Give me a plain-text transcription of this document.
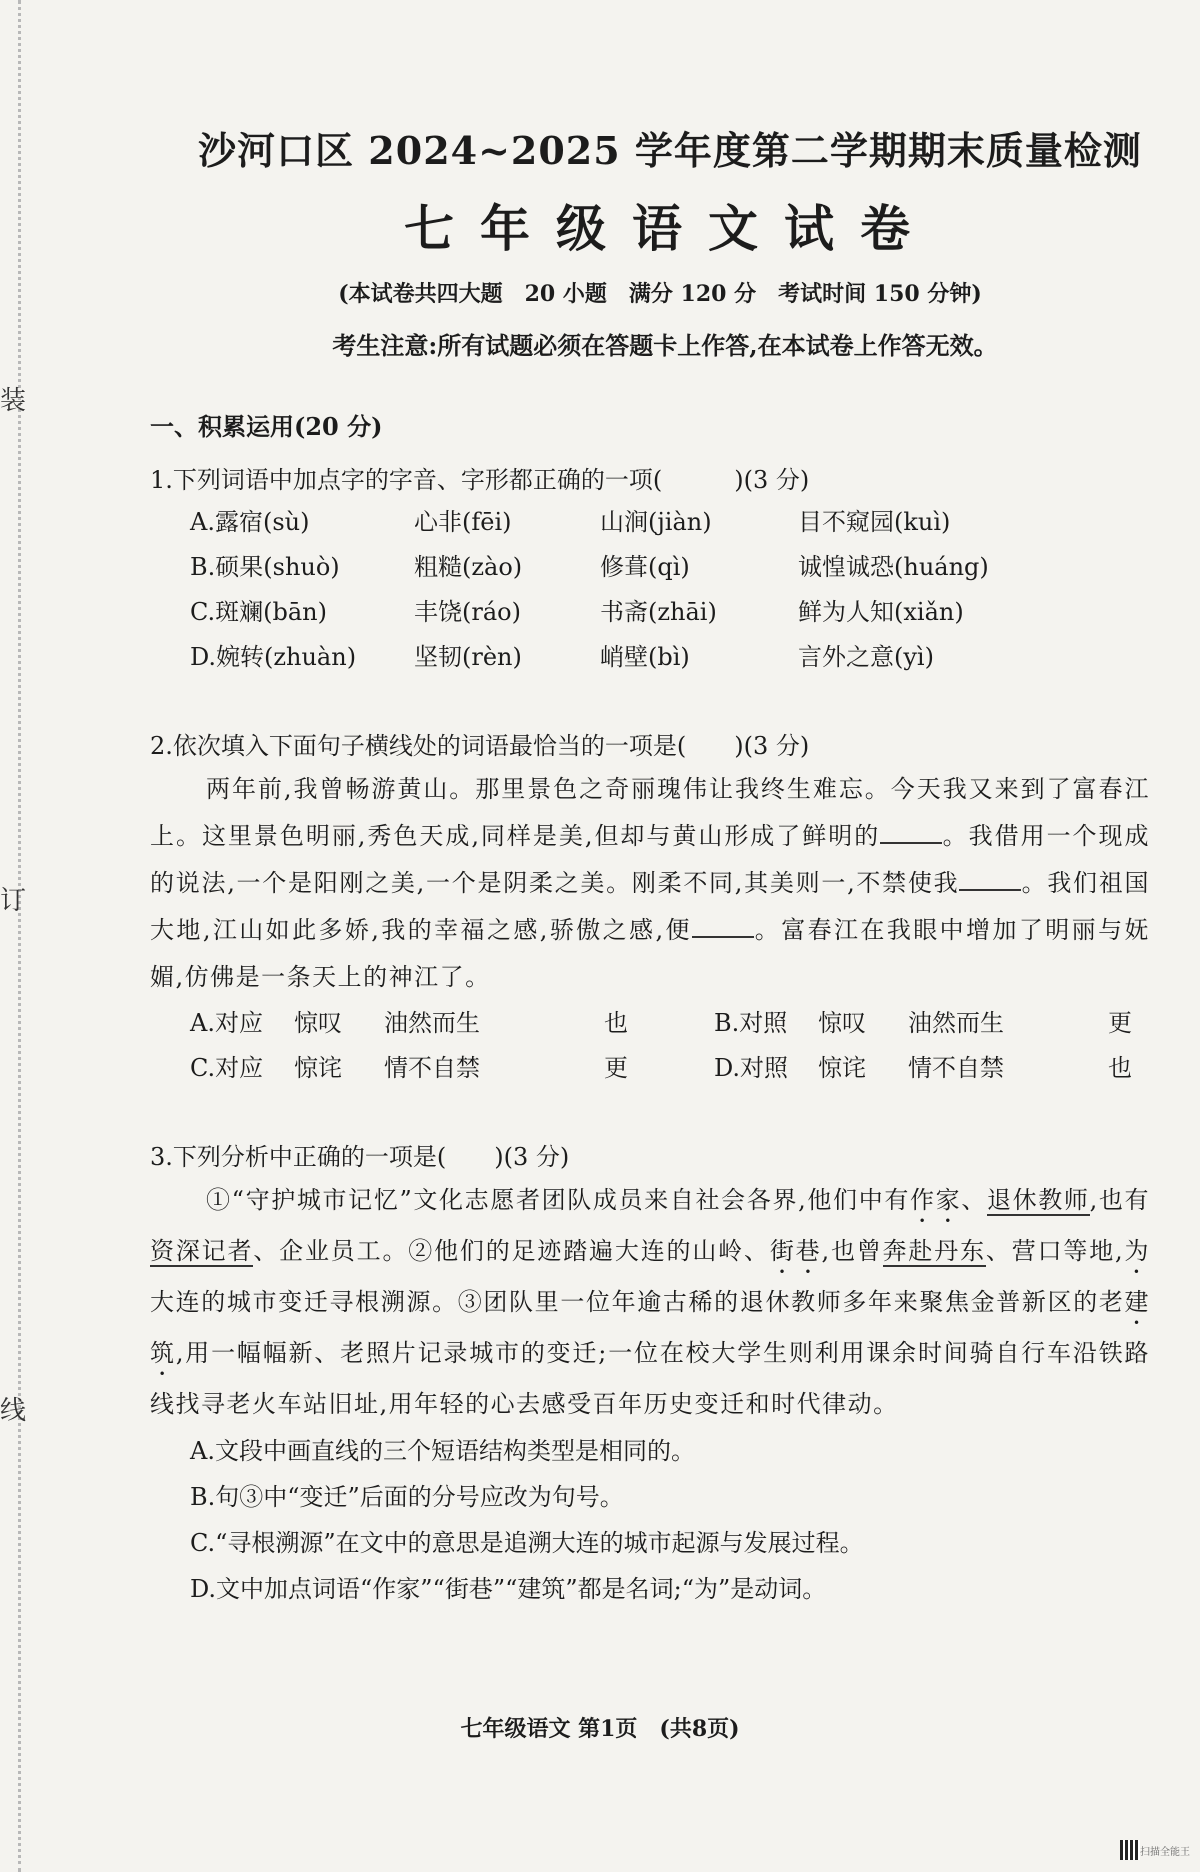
装
订
线
沙河口区 2024~2025 学年度第二学期期末质量检测
七年级语文试卷
(本试卷共四大题　20 小题　满分 120 分　考试时间 150 分钟)
考生注意:所有试题必须在答题卡上作答,在本试卷上作答无效。
一、积累运用(20 分)
1.下列词语中加点字的字音、字形都正确的一项(　　　)(3 分)
A.露宿(sù)	心非(fēi)	山涧(jiàn)	目不窥园(kuì)
B.硕果(shuò)	粗糙(zào)	修葺(qì)	诚惶诚恐(huáng)
C.斑斓(bān)	丰饶(ráo)	书斋(zhāi)	鲜为人知(xiǎn)
D.婉转(zhuàn)	坚韧(rèn)	峭壁(bì)	言外之意(yì)
2.依次填入下面句子横线处的词语最恰当的一项是(　　)(3 分)
两年前,我曾畅游黄山。那里景色之奇丽瑰伟让我终生难忘。今天我又来到了富春江上。这里景色明丽,秀色天成,同样是美,但却与黄山形成了鲜明的	。我借用一个现成的说法,一个是阳刚之美,一个是阴柔之美。刚柔不同,其美则一,不禁使我	。我们祖国大地,江山如此多娇,我的幸福之感,骄傲之感,便	。富春江在我眼中增加了明丽与妩媚,仿佛是一条天上的神江了。
A.对应	惊叹	油然而生	也	B.对照	惊叹	油然而生	更
C.对应	惊诧	情不自禁	更	D.对照	惊诧	情不自禁	也
3.下列分析中正确的一项是(　　)(3 分)
①“守护城市记忆”文化志愿者团队成员来自社会各界,他们中有作家、退休教师,也有资深记者、企业员工。②他们的足迹踏遍大连的山岭、街巷,也曾奔赴丹东、营口等地,为大连的城市变迁寻根溯源。③团队里一位年逾古稀的退休教师多年来聚焦金普新区的老建筑,用一幅幅新、老照片记录城市的变迁;一位在校大学生则利用课余时间骑自行车沿铁路线找寻老火车站旧址,用年轻的心去感受百年历史变迁和时代律动。
A.文段中画直线的三个短语结构类型是相同的。
B.句③中“变迁”后面的分号应改为句号。
C.“寻根溯源”在文中的意思是追溯大连的城市起源与发展过程。
D.文中加点词语“作家”“街巷”“建筑”都是名词;“为”是动词。
七年级语文 第1页　(共8页)
扫描全能王
